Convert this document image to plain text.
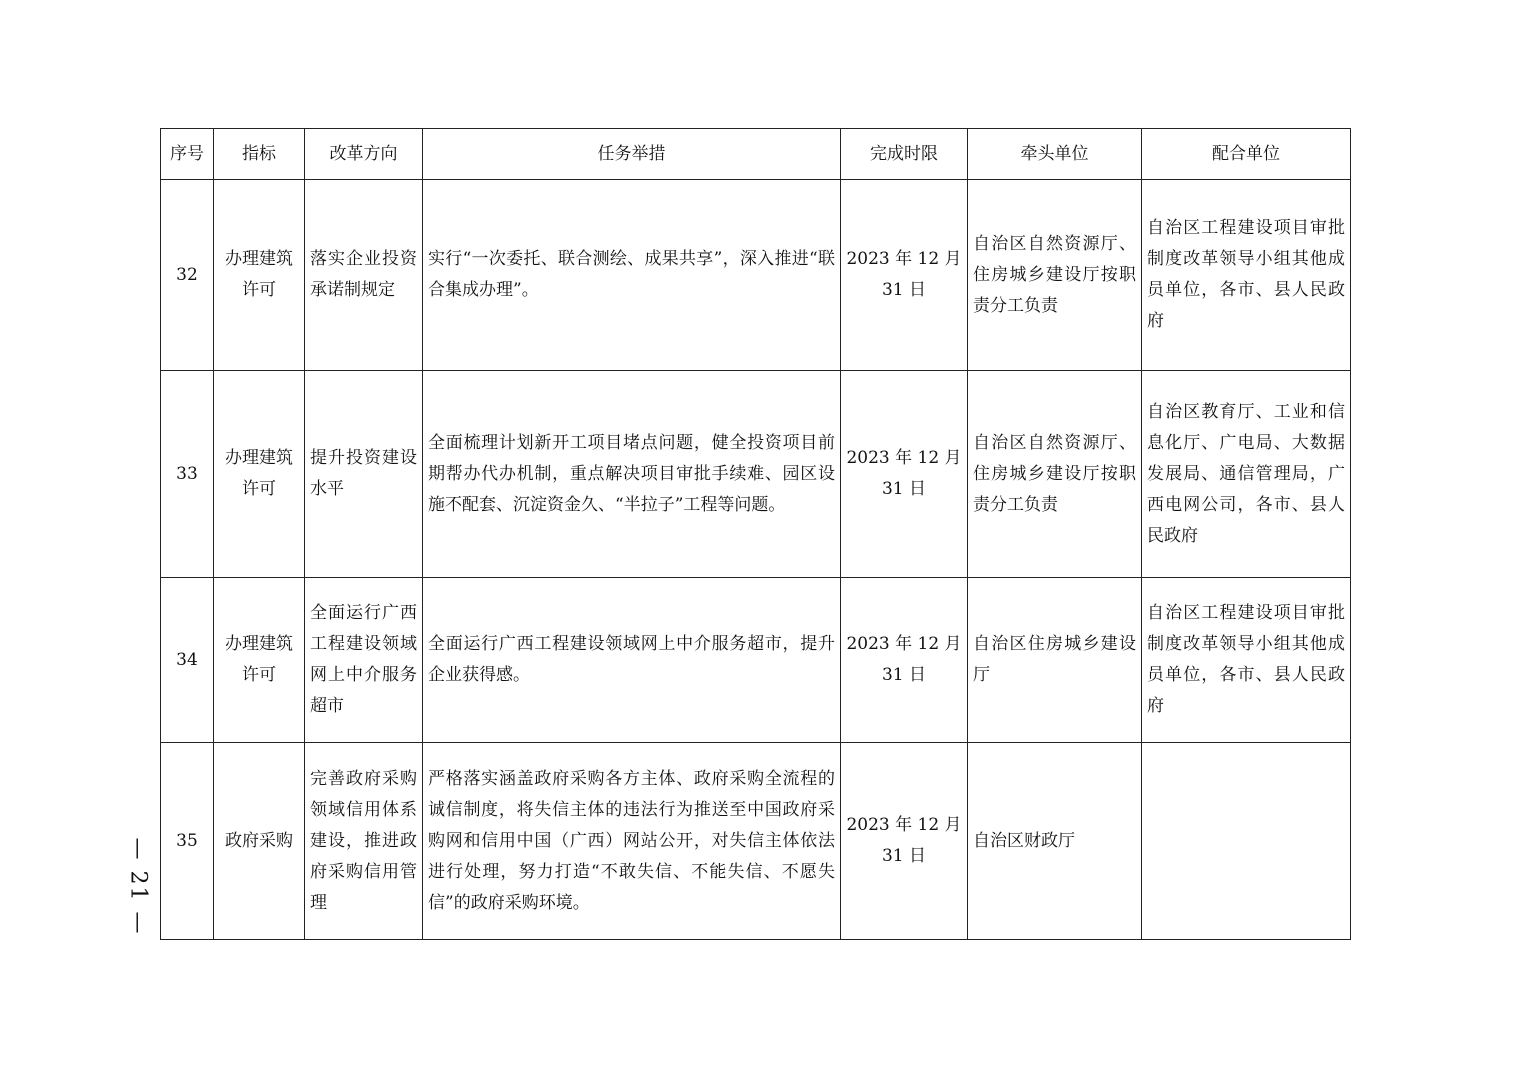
— 21 —
序号	指标	改革方向	任务举措	完成时限	牵头单位	配合单位
32	办理建筑许可	落实企业投资承诺制规定	实行“一次委托、联合测绘、成果共享”，深入推进“联合集成办理”。	2023 年 12 月 31 日	自治区自然资源厅、住房城乡建设厅按职责分工负责	自治区工程建设项目审批制度改革领导小组其他成员单位，各市、县人民政府
33	办理建筑许可	提升投资建设水平	全面梳理计划新开工项目堵点问题，健全投资项目前期帮办代办机制，重点解决项目审批手续难、园区设施不配套、沉淀资金久、“半拉子”工程等问题。	2023 年 12 月 31 日	自治区自然资源厅、住房城乡建设厅按职责分工负责	自治区教育厅、工业和信息化厅、广电局、大数据发展局、通信管理局，广西电网公司，各市、县人民政府
34	办理建筑许可	全面运行广西工程建设领域网上中介服务超市	全面运行广西工程建设领域网上中介服务超市，提升企业获得感。	2023 年 12 月 31 日	自治区住房城乡建设厅	自治区工程建设项目审批制度改革领导小组其他成员单位，各市、县人民政府
35	政府采购	完善政府采购领域信用体系建设，推进政府采购信用管理	严格落实涵盖政府采购各方主体、政府采购全流程的诚信制度，将失信主体的违法行为推送至中国政府采购网和信用中国（广西）网站公开，对失信主体依法进行处理，努力打造“不敢失信、不能失信、不愿失信”的政府采购环境。	2023 年 12 月 31 日	自治区财政厅	
